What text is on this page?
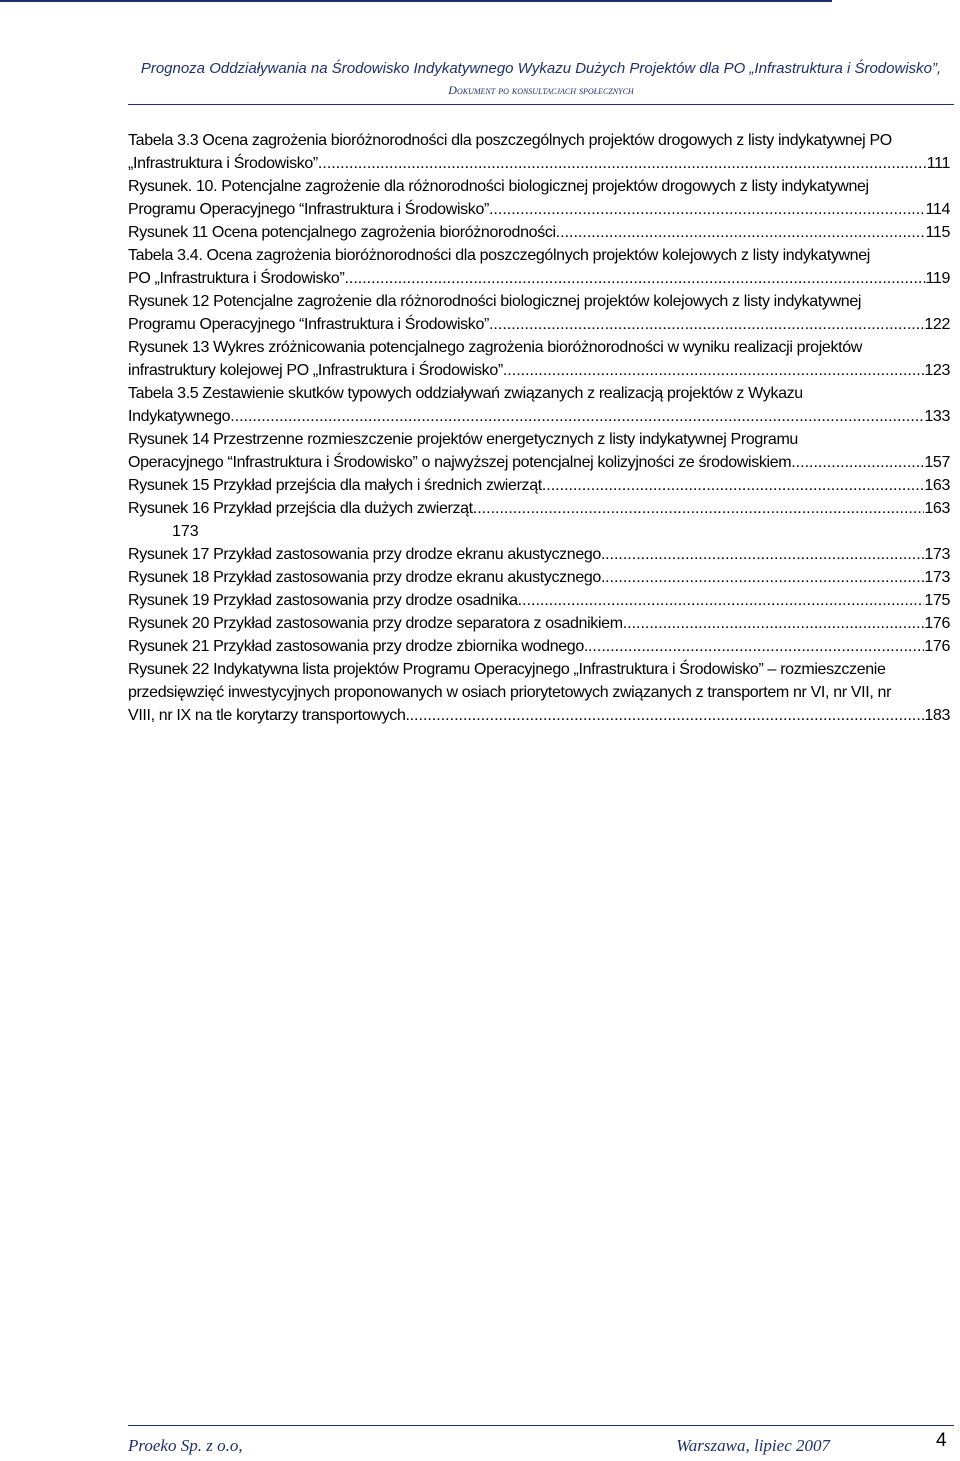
Prognoza Oddziaływania na Środowisko Indykatywnego Wykazu Dużych Projektów dla PO „Infrastruktura i Środowisko”,
Dokument po konsultacjach społecznych
Tabela 3.3 Ocena zagrożenia bioróżnorodności dla poszczególnych projektów drogowych z listy indykatywnej PO
„Infrastruktura i Środowisko” .....	111
Rysunek. 10. Potencjalne zagrożenie dla różnorodności biologicznej projektów drogowych z listy indykatywnej
Programu Operacyjnego “Infrastruktura i Środowisko” .....	114
Rysunek 11 Ocena potencjalnego zagrożenia bioróżnorodności .....	115
Tabela 3.4. Ocena zagrożenia bioróżnorodności dla poszczególnych projektów kolejowych z listy indykatywnej
PO „Infrastruktura i Środowisko” .....	119
Rysunek 12 Potencjalne zagrożenie dla różnorodności biologicznej projektów kolejowych z listy indykatywnej
Programu Operacyjnego “Infrastruktura i Środowisko” .....	122
Rysunek 13 Wykres zróżnicowania potencjalnego zagrożenia bioróżnorodności w wyniku realizacji projektów
infrastruktury kolejowej PO „Infrastruktura i Środowisko” .....	123
Tabela 3.5 Zestawienie skutków typowych oddziaływań związanych z realizacją projektów z Wykazu
Indykatywnego .....	133
Rysunek 14 Przestrzenne rozmieszczenie projektów energetycznych z listy indykatywnej Programu
Operacyjnego “Infrastruktura i Środowisko” o najwyższej potencjalnej kolizyjności ze środowiskiem .....	157
Rysunek 15 Przykład przejścia dla małych i średnich zwierząt .....	163
Rysunek 16 Przykład przejścia dla dużych zwierząt .....	163
173
Rysunek 17 Przykład zastosowania przy drodze ekranu akustycznego. .....	173
Rysunek 18 Przykład zastosowania przy drodze ekranu akustycznego. .....	173
Rysunek 19 Przykład zastosowania przy drodze osadnika .....	175
Rysunek 20 Przykład zastosowania przy drodze separatora z osadnikiem .....	176
Rysunek 21 Przykład zastosowania przy drodze zbiornika wodnego. .....	176
Rysunek 22 Indykatywna lista projektów Programu Operacyjnego „Infrastruktura i Środowisko” – rozmieszczenie
przedsięwzięć inwestycyjnych proponowanych w osiach priorytetowych związanych z transportem nr VI, nr VII, nr
VIII, nr IX na tle korytarzy transportowych. .....	183
Proeko Sp. z o.o,	Warszawa, lipiec 2007	4
